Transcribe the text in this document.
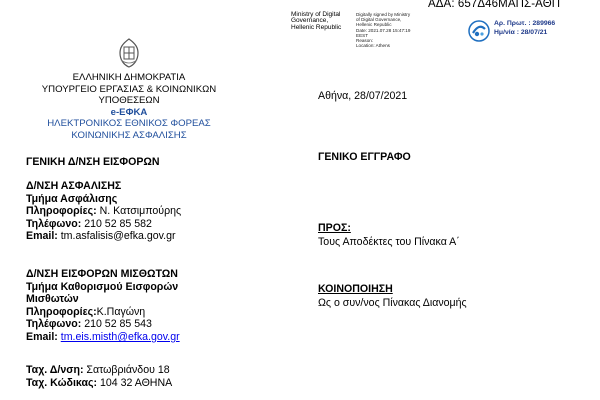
Ministry of Digital Governance, Hellenic Republic
Digitally signed by Ministry
of Digital Governance,
Hellenic Republic
Date: 2021.07.28 15:47:19
EEST
Reason:
Location: Athens
ΑΔΑ: 657Δ46ΜΑΠΣ-ΑΘΠ
Αρ. Πρωτ. : 289966
Ημ/νία : 28/07/21
ΕΛΛΗΝΙΚΗ ΔΗΜΟΚΡΑΤΙΑ
ΥΠΟΥΡΓΕΙΟ ΕΡΓΑΣΙΑΣ & ΚΟΙΝΩΝΙΚΩΝ
ΥΠΟΘΕΣΕΩΝ
e-ΕΦΚΑ
ΗΛΕΚΤΡΟΝΙΚΟΣ ΕΘΝΙΚΟΣ ΦΟΡΕΑΣ
ΚΟΙΝΩΝΙΚΗΣ ΑΣΦΑΛΙΣΗΣ
ΓΕΝΙΚΗ Δ/ΝΣΗ ΕΙΣΦΟΡΩΝ
Δ/ΝΣΗ ΑΣΦΑΛΙΣΗΣ
Τμήμα Ασφάλισης
Πληροφορίες: Ν. Κατσιμπούρης
Τηλέφωνο: 210 52 85 582
Email: tm.asfalisis@efka.gov.gr
Δ/ΝΣΗ ΕΙΣΦΟΡΩΝ ΜΙΣΘΩΤΩΝ
Τμήμα Καθορισμού Εισφορών
Μισθωτών
Πληροφορίες:Κ.Παγώνη
Τηλέφωνο: 210 52 85 543
Email: tm.eis.misth@efka.gov.gr
Ταχ. Δ/νση: Σατωβριάνδου 18
Ταχ. Κώδικας: 104 32 ΑΘΗΝΑ
Αθήνα, 28/07/2021
ΓΕΝΙΚΟ ΕΓΓΡΑΦΟ
ΠΡΟΣ:
Τους Αποδέκτες του Πίνακα Α΄
ΚΟΙΝΟΠΟΙΗΣΗ
Ως ο συν/νος Πίνακας Διανομής
